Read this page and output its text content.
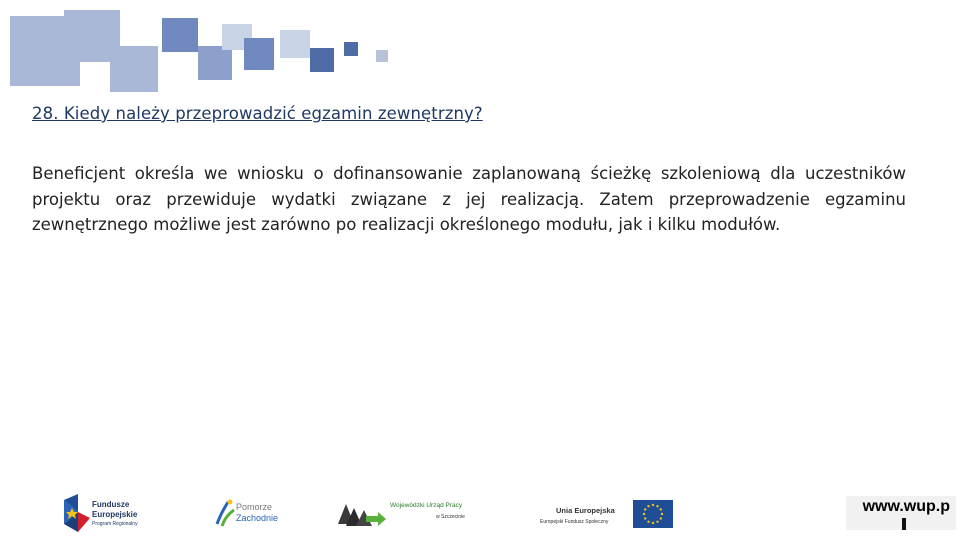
28. Kiedy należy przeprowadzić egzamin zewnętrzny?

Beneficjent określa we wniosku o dofinansowanie zaplanowaną ścieżkę szkoleniową dla uczestników projektu oraz przewiduje wydatki związane z jej realizacją. Zatem przeprowadzenie egzaminu zewnętrznego możliwe jest zarówno po realizacji określonego modułu, jak i kilku modułów.

Fundusze
Europejskie
Program Regionalny
Pomorze
Zachodnie
Wojewódzki Urząd Pracy
w Szczecinie
Unia Europejska
Europejski Fundusz Społeczny
www.wup.p
